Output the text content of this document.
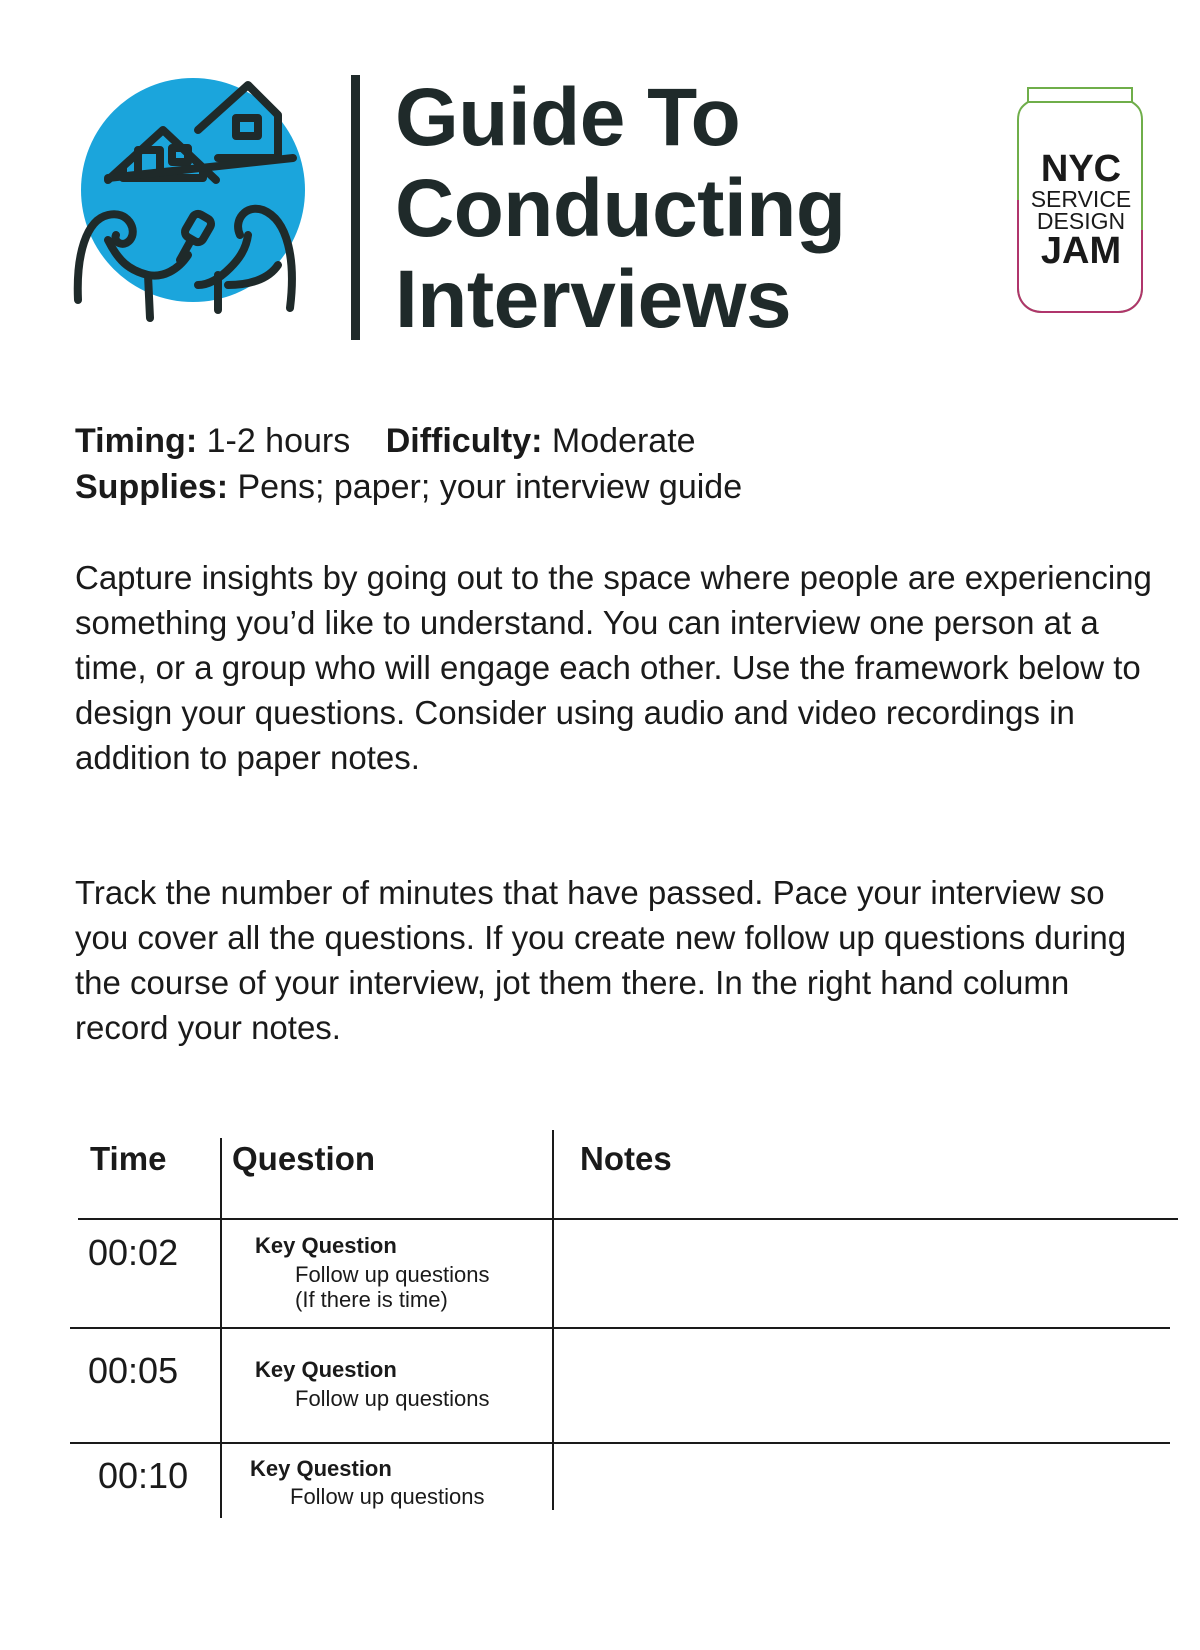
Guide To
Conducting
Interviews
NYC
SERVICE
DESIGN
JAM
Timing: 1-2 hours Difficulty: Moderate
Supplies: Pens; paper; your interview guide

Capture insights by going out to the space where people are experiencing something you’d like to understand. You can interview one person at a time, or a group who will engage each other. Use the framework below to design your questions. Consider using audio and video recordings in addition to paper notes.

Track the number of minutes that have passed. Pace your interview so you cover all the questions. If you create new follow up questions during the course of your interview, jot them there. In the right hand column record your notes.

Time Question	Notes
00:02	Key Question
Follow up questions
(If there is time)
00:05	Key Question
Follow up questions
00:10	Key Question
Follow up questions
